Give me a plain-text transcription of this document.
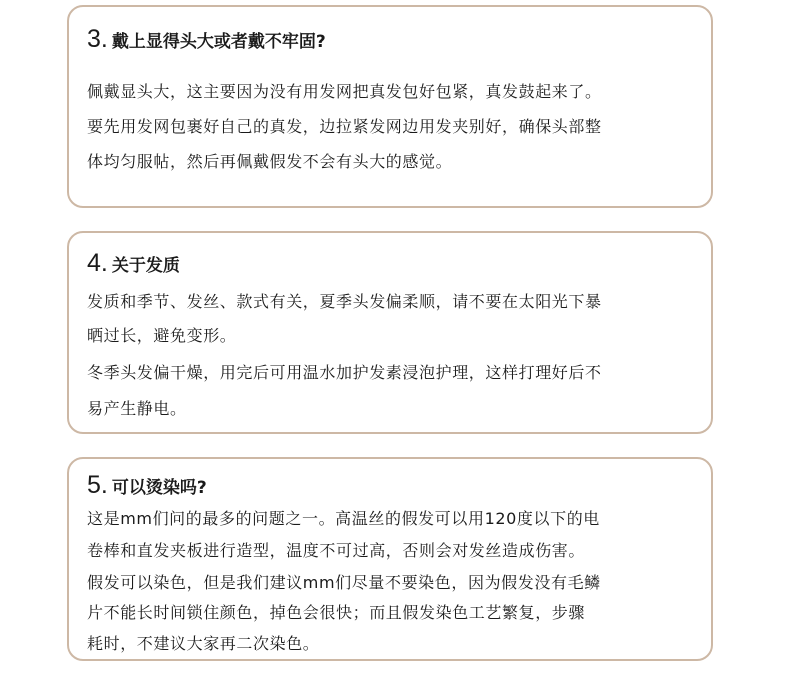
3. 戴上显得头大或者戴不牢固?
佩戴显头大，这主要因为没有用发网把真发包好包紧，真发鼓起来了。
要先用发网包裹好自己的真发，边拉紧发网边用发夹别好，确保头部整
体均匀服帖，然后再佩戴假发不会有头大的感觉。
4. 关于发质
发质和季节、发丝、款式有关，夏季头发偏柔顺，请不要在太阳光下暴
晒过长，避免变形。
冬季头发偏干燥，用完后可用温水加护发素浸泡护理，这样打理好后不
易产生静电。
5. 可以烫染吗?
这是mm们问的最多的问题之一。高温丝的假发可以用120度以下的电
卷棒和直发夹板进行造型，温度不可过高，否则会对发丝造成伤害。
假发可以染色，但是我们建议mm们尽量不要染色，因为假发没有毛鳞
片不能长时间锁住颜色，掉色会很快；而且假发染色工艺繁复，步骤
耗时，不建议大家再二次染色。
